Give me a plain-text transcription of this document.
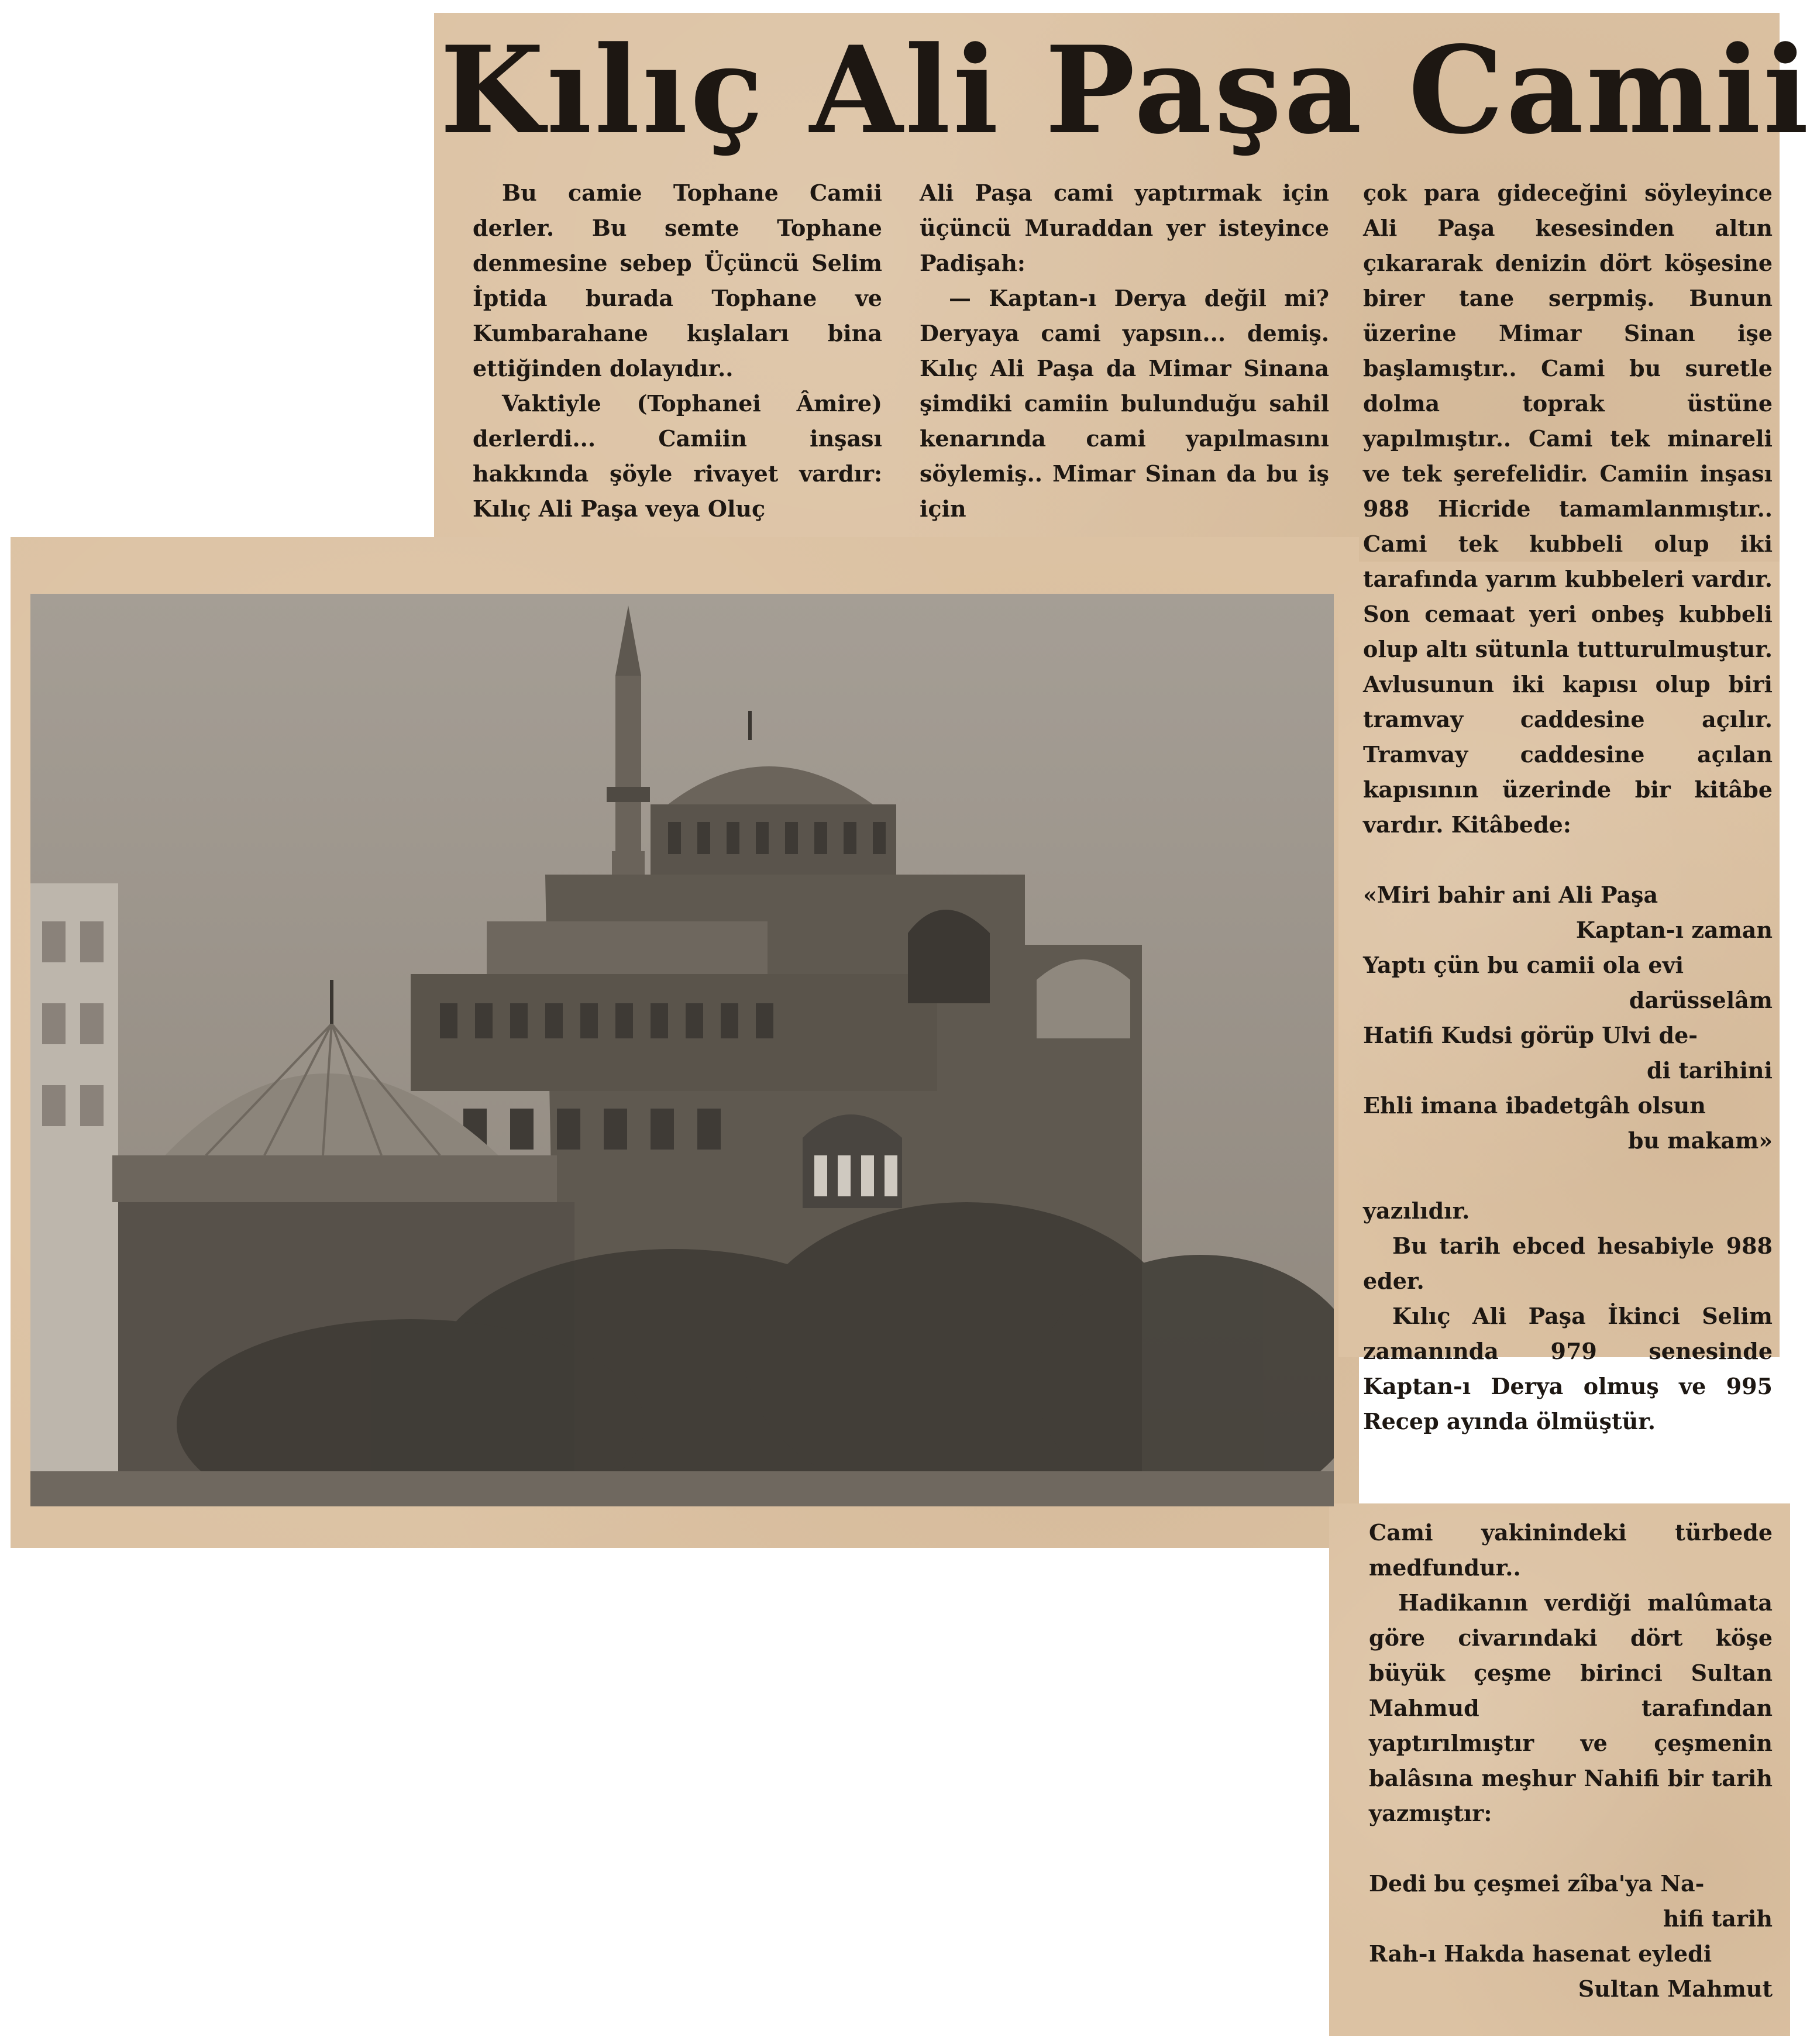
Kılıç Ali Paşa Camii

Bu camie Tophane Camii derler. Bu semte Tophane denmesine sebep Üçüncü Selim İptida burada Tophane ve Kumbarahane kışlaları bina ettiğinden dolayıdır..

Vaktiyle (Tophanei Âmire) derlerdi... Camiin inşası hakkında şöyle rivayet vardır: Kılıç Ali Paşa veya Oluç

Ali Paşa cami yaptırmak için üçüncü Muraddan yer isteyince Padişah:

— Kaptan-ı Derya değil mi? Deryaya cami yapsın... demiş. Kılıç Ali Paşa da Mimar Sinana şimdiki camiin bulunduğu sahil kenarında cami yapılmasını söylemiş.. Mimar Sinan da bu iş için

çok para gideceğini söyleyince Ali Paşa kesesinden altın çıkararak denizin dört köşesine birer tane serpmiş. Bunun üzerine Mimar Sinan işe başlamıştır.. Cami bu suretle dolma toprak üstüne yapılmıştır.. Cami tek minareli ve tek şerefelidir. Camiin inşası 988 Hicride tamamlanmıştır.. Cami tek kubbeli olup iki tarafında yarım kubbeleri vardır. Son cemaat yeri onbeş kubbeli olup altı sütunla tutturulmuştur. Avlusunun iki kapısı olup biri tramvay caddesine açılır. Tramvay caddesine açılan kapısının üzerinde bir kitâbe vardır. Kitâbede:

«Miri bahir ani Ali Paşa
Kaptan-ı zaman
Yaptı çün bu camii ola evi
darüsselâm
Hatifi Kudsi görüp Ulvi de-
di tarihini
Ehli imana ibadetgâh olsun
bu makam»

yazılıdır.

Bu tarih ebced hesabiyle 988 eder.

Kılıç Ali Paşa İkinci Selim zamanında 979 senesinde Kaptan-ı Derya olmuş ve 995 Recep ayında ölmüştür.

Cami yakinindeki türbede medfundur..

Hadikanın verdiği malûmata göre civarındaki dört köşe büyük çeşme birinci Sultan Mahmud tarafından yaptırılmıştır ve çeşmenin balâsına meşhur Nahifi bir tarih yazmıştır:

Dedi bu çeşmei zîba'ya Na-
hifi tarih
Rah-ı Hakda hasenat eyledi
Sultan Mahmut
